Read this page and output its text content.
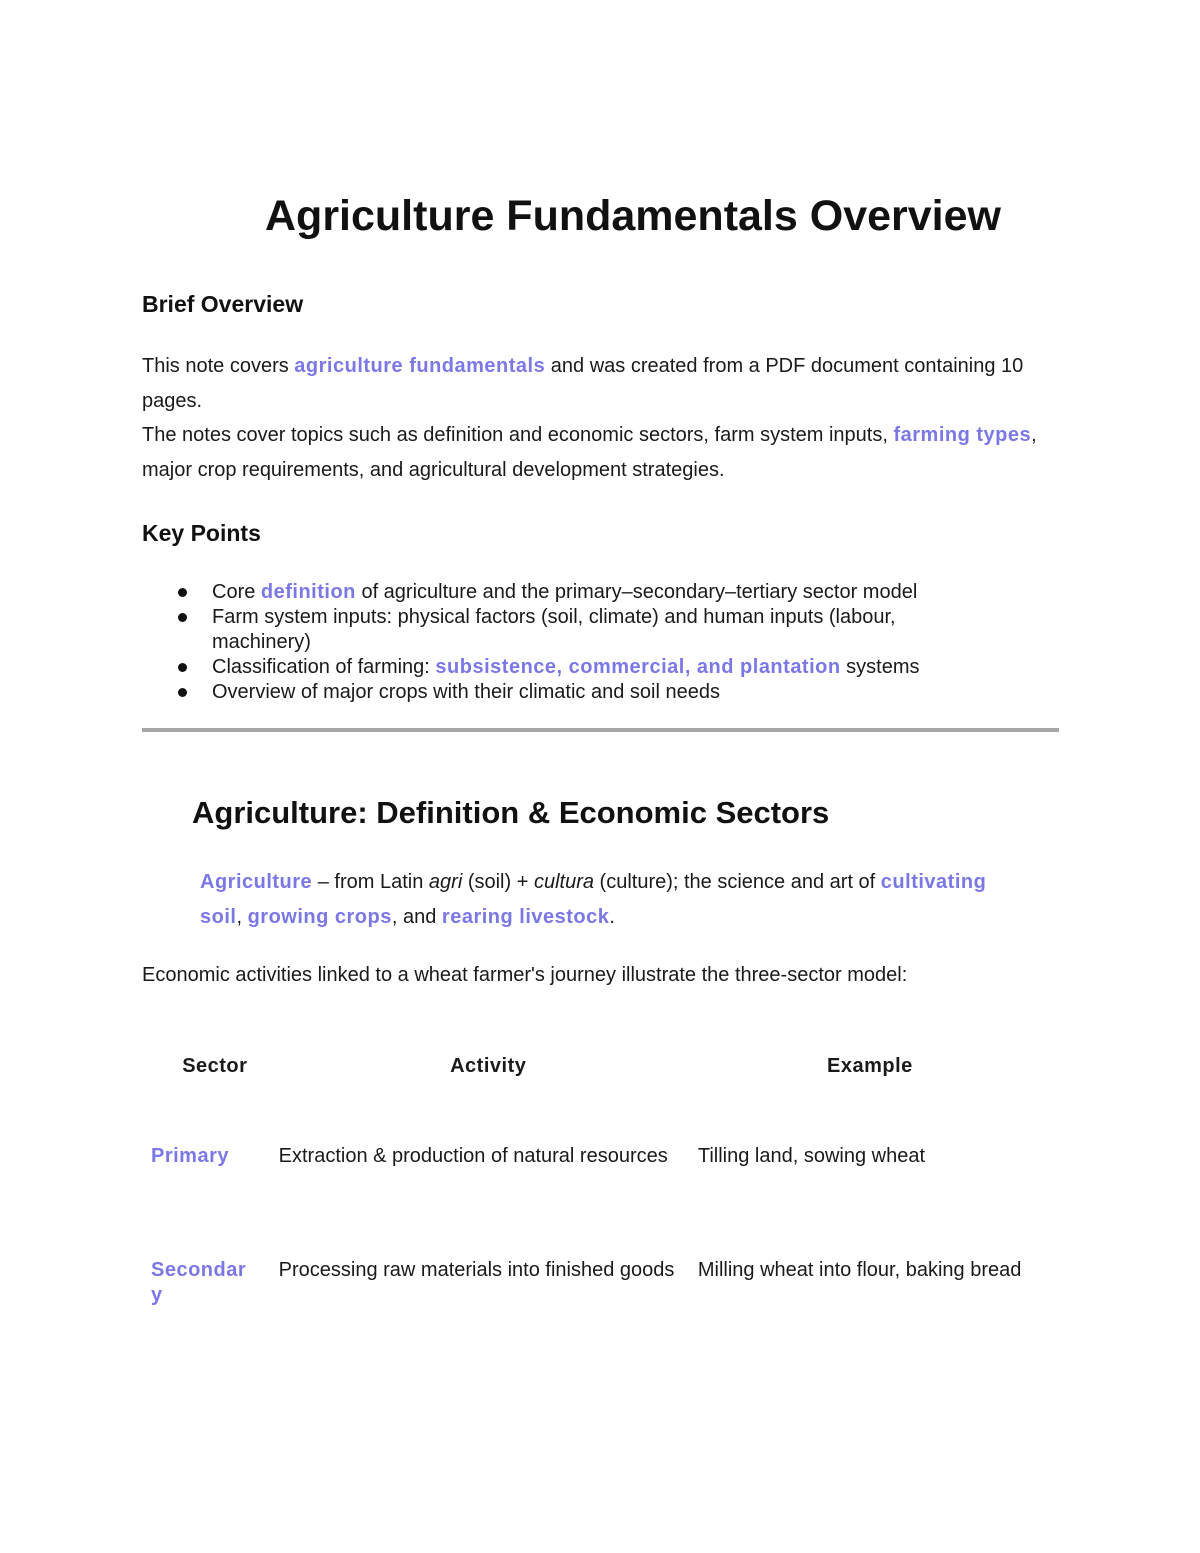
Agriculture Fundamentals Overview
Brief Overview

This note covers agriculture fundamentals and was created from a PDF document containing 10 pages.

The notes cover topics such as definition and economic sectors, farm system inputs, farming types, major crop requirements, and agricultural development strategies.

Key Points
Core definition of agriculture and the primary–secondary–tertiary sector model
Farm system inputs: physical factors (soil, climate) and human inputs (labour, machinery)
Classification of farming: subsistence, commercial, and plantation systems
Overview of major crops with their climatic and soil needs
Agriculture: Definition & Economic Sectors

Agriculture – from Latin agri (soil) + cultura (culture); the science and art of cultivating soil, growing crops, and rearing livestock.

Economic activities linked to a wheat farmer's journey illustrate the three-sector model:

Sector	Activity	Example

Primary	Extraction & production of natural resources	Tilling land, sowing wheat

Secondary	Processing raw materials into finished goods	Milling wheat into flour, baking bread
